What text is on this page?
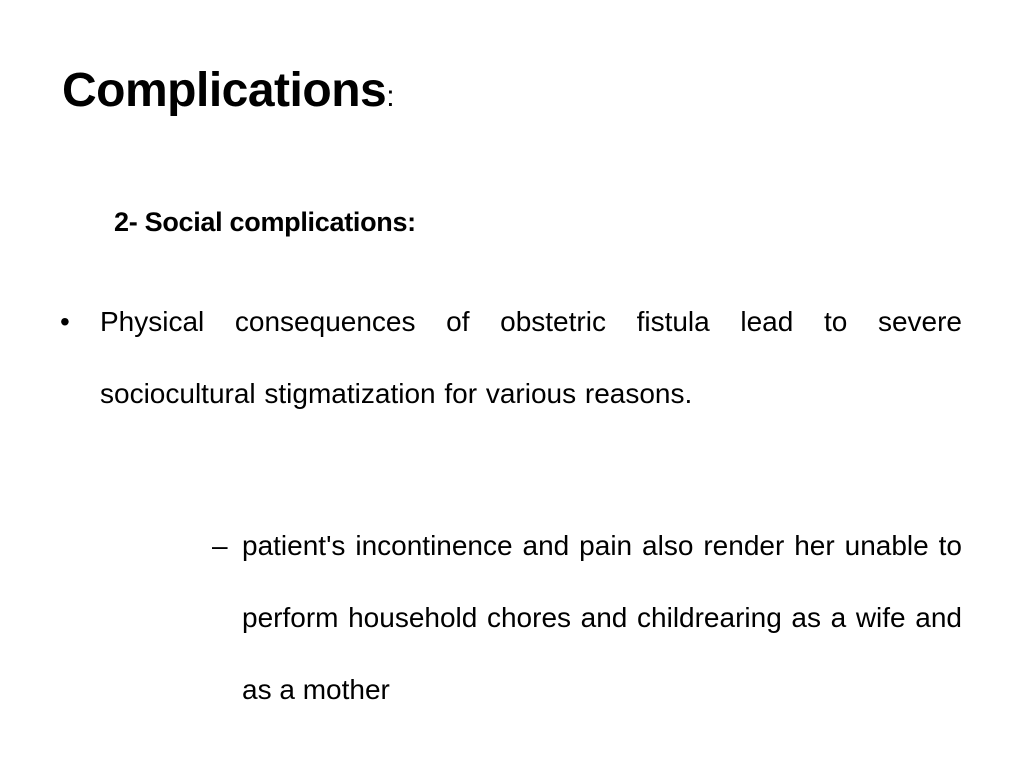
Complications:
2- Social complications:
• Physical consequences of obstetric fistula lead to severe sociocultural stigmatization for various reasons.

– patient's incontinence and pain also render her unable to perform household chores and childrearing as a wife and as a mother
